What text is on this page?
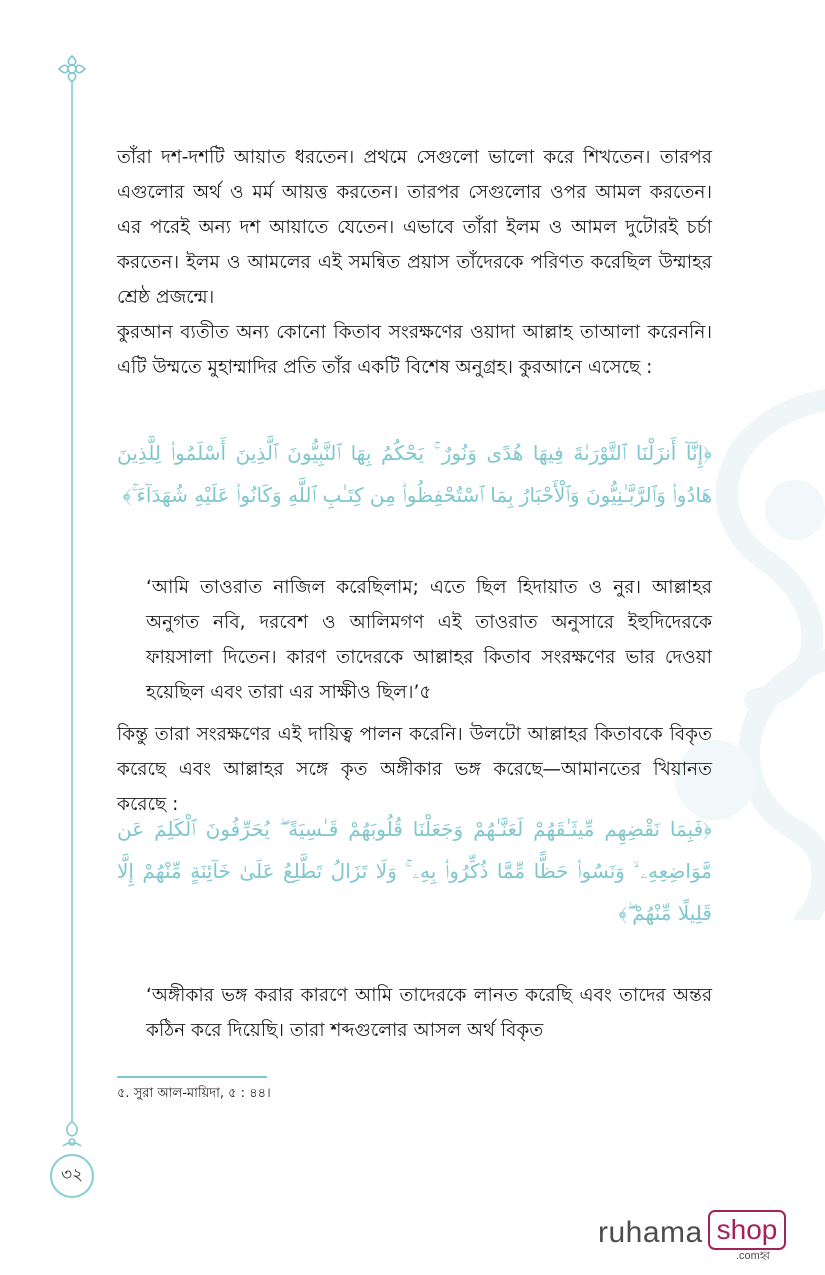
৩২

তাঁরা দশ-দশটি আয়াত ধরতেন। প্রথমে সেগুলো ভালো করে শিখতেন। তারপর এগুলোর অর্থ ও মর্ম আয়ত্ত করতেন। তারপর সেগুলোর ওপর আমল করতেন। এর পরেই অন্য দশ আয়াতে যেতেন। এভাবে তাঁরা ইলম ও আমল দুটোরই চর্চা করতেন। ইলম ও আমলের এই সমন্বিত প্রয়াস তাঁদেরকে পরিণত করেছিল উম্মাহর শ্রেষ্ঠ প্রজন্মে।

কুরআন ব্যতীত অন্য কোনো কিতাব সংরক্ষণের ওয়াদা আল্লাহ তাআলা করেননি। এটি উম্মতে মুহাম্মাদির প্রতি তাঁর একটি বিশেষ অনুগ্রহ। কুরআনে এসেছে :

﴿إِنَّآ أَنزَلْنَا ٱلتَّوْرَىٰةَ فِيهَا هُدًى وَنُورٌ ۚ يَحْكُمُ بِهَا ٱلنَّبِيُّونَ ٱلَّذِينَ أَسْلَمُوا۟ لِلَّذِينَ هَادُوا۟ وَٱلرَّبَّـٰنِيُّونَ وَٱلْأَحْبَارُ بِمَا ٱسْتُحْفِظُوا۟ مِن كِتَـٰبِ ٱللَّهِ وَكَانُوا۟ عَلَيْهِ شُهَدَآءَ ۚ﴾

‘আমি তাওরাত নাজিল করেছিলাম; এতে ছিল হিদায়াত ও নুর। আল্লাহর অনুগত নবি, দরবেশ ও আলিমগণ এই তাওরাত অনুসারে ইহুদিদেরকে ফায়সালা দিতেন। কারণ তাদেরকে আল্লাহর কিতাব সংরক্ষণের ভার দেওয়া হয়েছিল এবং তারা এর সাক্ষীও ছিল।’৫

কিন্তু তারা সংরক্ষণের এই দায়িত্ব পালন করেনি। উলটো আল্লাহর কিতাবকে বিকৃত করেছে এবং আল্লাহর সঙ্গে কৃত অঙ্গীকার ভঙ্গ করেছে—আমানতের খিয়ানত করেছে :

﴿فَبِمَا نَقْضِهِم مِّيثَـٰقَهُمْ لَعَنَّـٰهُمْ وَجَعَلْنَا قُلُوبَهُمْ قَـٰسِيَةً ۖ يُحَرِّفُونَ ٱلْكَلِمَ عَن مَّوَاضِعِهِۦ ۙ وَنَسُوا۟ حَظًّا مِّمَّا ذُكِّرُوا۟ بِهِۦ ۚ وَلَا تَزَالُ تَطَّلِعُ عَلَىٰ خَآئِنَةٍ مِّنْهُمْ إِلَّا قَلِيلًا مِّنْهُمْ ۖ﴾

‘অঙ্গীকার ভঙ্গ করার কারণে আমি তাদেরকে লানত করেছি এবং তাদের অন্তর কঠিন করে দিয়েছি। তারা শব্দগুলোর আসল অর্থ বিকৃত

৫. সুরা আল-মায়িদা, ৫ : ৪৪।
ruhama shop
.comহ্ব
